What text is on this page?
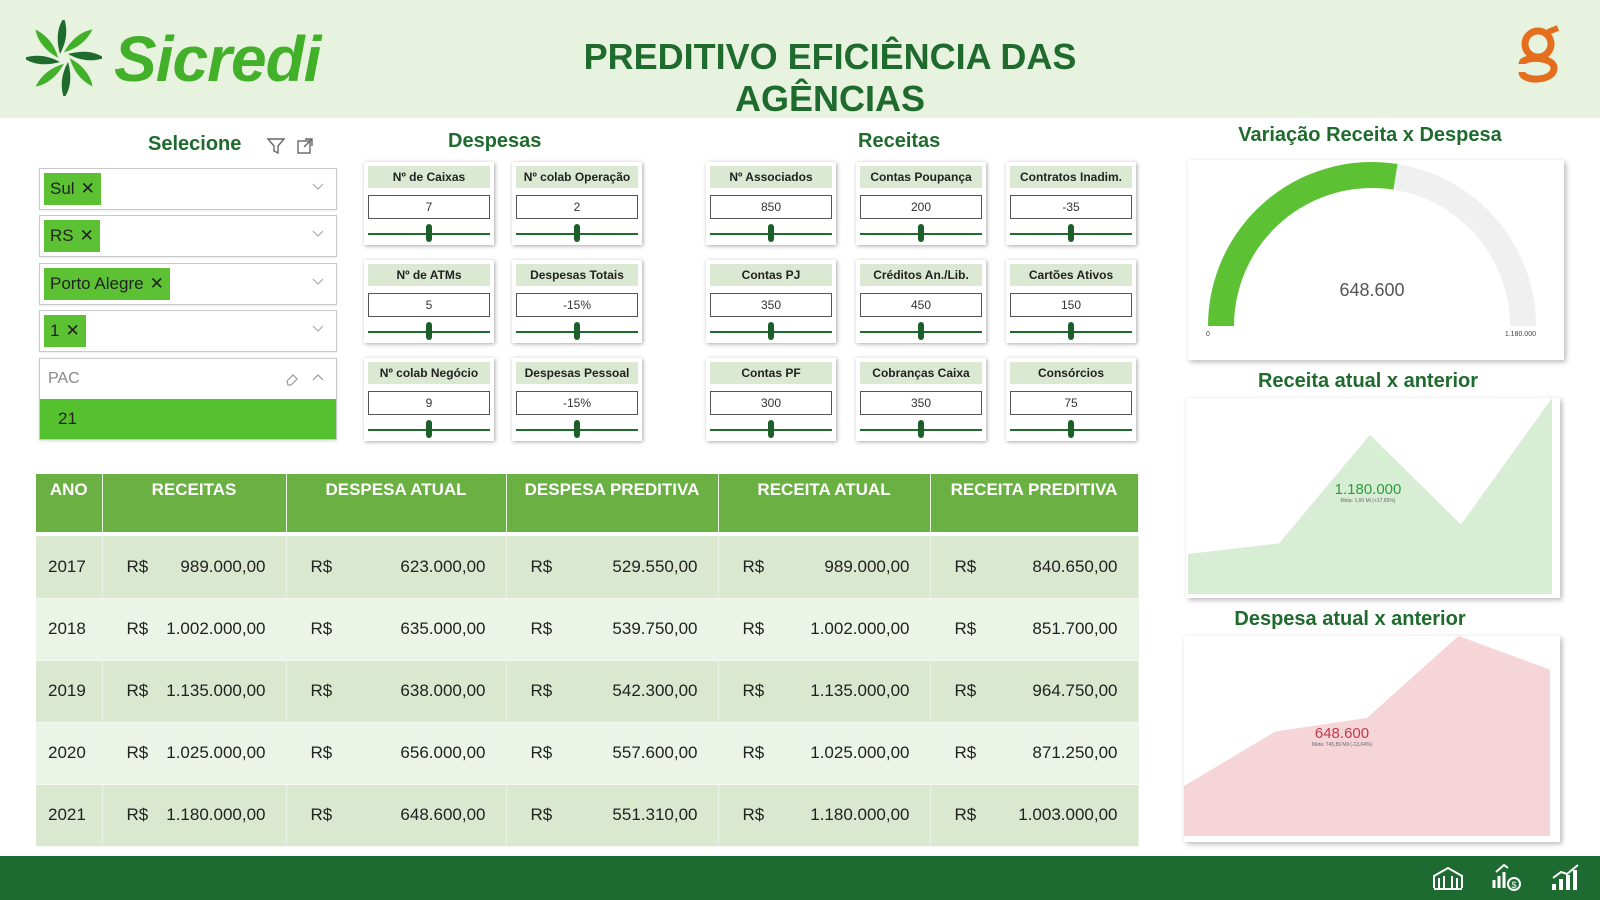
Sicredi	PREDITIVO EFICIÊNCIA DAS AGÊNCIAS
Selecione

Sul ✕
RS ✕
Porto Alegre ✕
1 ✕
PAC
21
Despesas	Receitas
Nº de Caixas
7
Nº colab Operação
2
Nº de ATMs
5
Despesas Totais
-15%
Nº colab Negócio
9
Despesas Pessoal
-15%
Nº Associados
850
Contas Poupança
200
Contratos Inadim.
-35
Contas PJ
350
Créditos An./Lib.
450
Cartões Ativos
150
Contas PF
300
Cobranças Caixa
350
Consórcios
75
ANO	RECEITAS	DESPESA ATUAL	DESPESA PREDITIVA	RECEITA ATUAL	RECEITA PREDITIVA

2017	R$ 989.000,00	R$ 623.000,00	R$ 529.550,00	R$ 989.000,00	R$ 840.650,00

2018	R$ 1.002.000,00	R$ 635.000,00	R$ 539.750,00	R$ 1.002.000,00	R$ 851.700,00

2019	R$ 1.135.000,00	R$ 638.000,00	R$ 542.300,00	R$ 1.135.000,00	R$ 964.750,00

2020	R$ 1.025.000,00	R$ 656.000,00	R$ 557.600,00	R$ 1.025.000,00	R$ 871.250,00

2021	R$ 1.180.000,00	R$ 648.600,00	R$ 551.310,00	R$ 1.180.000,00	R$ 1.003.000,00
Variação Receita x Despesa
648.600
0	1.180.000
Receita atual x anterior
1.180.000
Meta: 1,00 Mi (+17,65%)
Despesa atual x anterior
648.600
Meta: 745,89 Mil (-13,04%)
$
